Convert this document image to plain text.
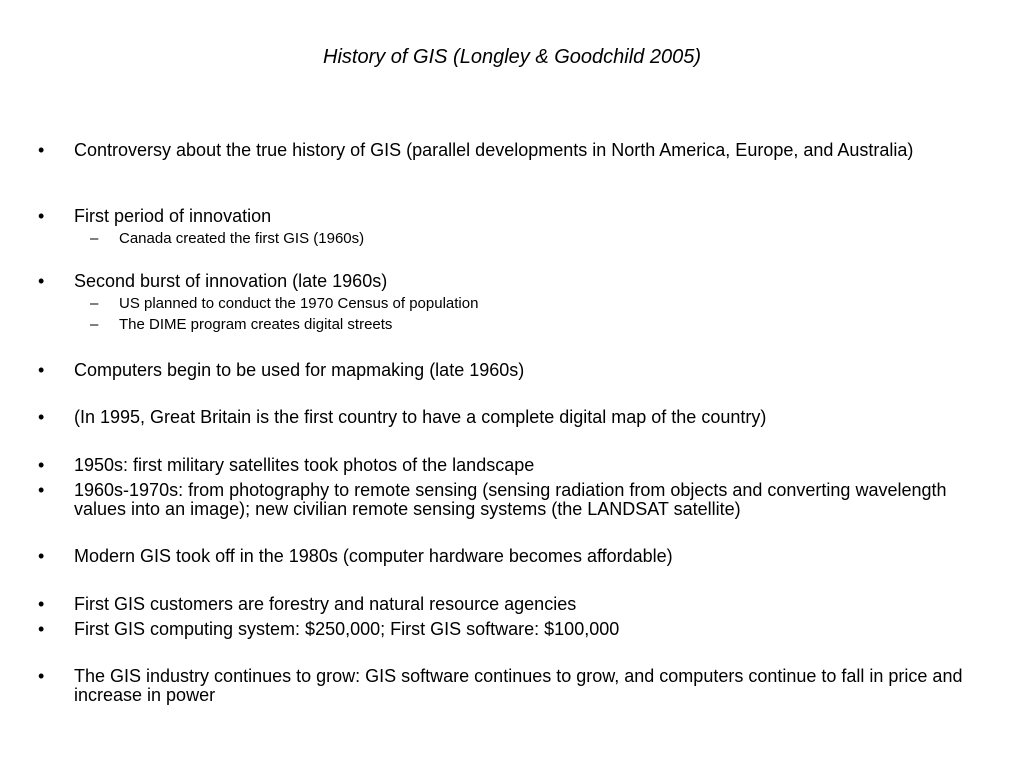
History of GIS (Longley & Goodchild 2005)
• Controversy about the true history of GIS (parallel developments in North America, Europe, and Australia)
• First period of innovation
– Canada created the first GIS (1960s)
• Second burst of innovation (late 1960s)
– US planned to conduct the 1970 Census of population
– The DIME program creates digital streets
• Computers begin to be used for mapmaking (late 1960s)
• (In 1995, Great Britain is the first country to have a complete digital map of the country)
• 1950s: first military satellites took photos of the landscape
• 1960s-1970s: from photography to remote sensing (sensing radiation from objects and converting wavelength values into an image); new civilian remote sensing systems (the LANDSAT satellite)
• Modern GIS took off in the 1980s (computer hardware becomes affordable)
• First GIS customers are forestry and natural resource agencies
• First GIS computing system: $250,000; First GIS software: $100,000
• The GIS industry continues to grow: GIS software continues to grow, and computers continue to fall in price and increase in power
